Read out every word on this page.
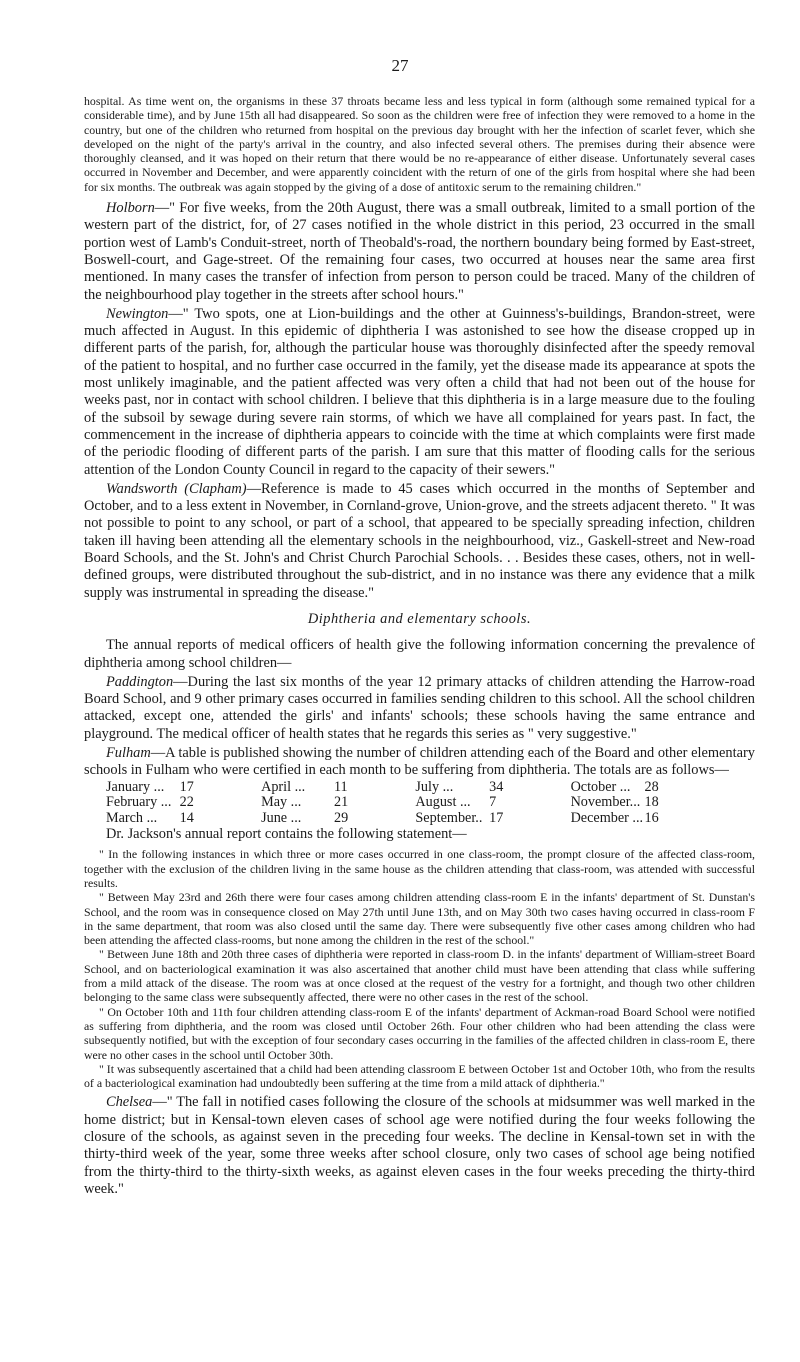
27

hospital. As time went on, the organisms in these 37 throats became less and less typical in form (although some remained typical for a considerable time), and by June 15th all had disappeared. So soon as the children were free of infection they were removed to a home in the country, but one of the children who returned from hospital on the previous day brought with her the infection of scarlet fever, which she developed on the night of the party's arrival in the country, and also infected several others. The premises during their absence were thoroughly cleansed, and it was hoped on their return that there would be no re-appearance of either disease. Unfortunately several cases occurred in November and December, and were apparently coincident with the return of one of the girls from hospital where she had been for six months. The outbreak was again stopped by the giving of a dose of antitoxic serum to the remaining children."

Holborn—" For five weeks, from the 20th August, there was a small outbreak, limited to a small portion of the western part of the district, for, of 27 cases notified in the whole district in this period, 23 occurred in the small portion west of Lamb's Conduit-street, north of Theobald's-road, the northern boundary being formed by East-street, Boswell-court, and Gage-street. Of the remaining four cases, two occurred at houses near the same area first mentioned. In many cases the transfer of infection from person to person could be traced. Many of the children of the neighbourhood play together in the streets after school hours."

Newington—" Two spots, one at Lion-buildings and the other at Guinness's-buildings, Brandon-street, were much affected in August. In this epidemic of diphtheria I was astonished to see how the disease cropped up in different parts of the parish, for, although the particular house was thoroughly disinfected after the speedy removal of the patient to hospital, and no further case occurred in the family, yet the disease made its appearance at spots the most unlikely imaginable, and the patient affected was very often a child that had not been out of the house for weeks past, nor in contact with school children. I believe that this diphtheria is in a large measure due to the fouling of the subsoil by sewage during severe rain storms, of which we have all complained for years past. In fact, the commencement in the increase of diphtheria appears to coincide with the time at which complaints were first made of the periodic flooding of different parts of the parish. I am sure that this matter of flooding calls for the serious attention of the London County Council in regard to the capacity of their sewers."

Wandsworth (Clapham)—Reference is made to 45 cases which occurred in the months of September and October, and to a less extent in November, in Cornland-grove, Union-grove, and the streets adjacent thereto. " It was not possible to point to any school, or part of a school, that appeared to be specially spreading infection, children taken ill having been attending all the elementary schools in the neighbourhood, viz., Gaskell-street and New-road Board Schools, and the St. John's and Christ Church Parochial Schools. . . Besides these cases, others, not in well-defined groups, were distributed throughout the sub-district, and in no instance was there any evidence that a milk supply was instrumental in spreading the disease."

Diphtheria and elementary schools.

The annual reports of medical officers of health give the following information concerning the prevalence of diphtheria among school children—

Paddington—During the last six months of the year 12 primary attacks of children attending the Harrow-road Board School, and 9 other primary cases occurred in families sending children to this school. All the school children attacked, except one, attended the girls' and infants' schools; these schools having the same entrance and playground. The medical officer of health states that he regards this series as " very suggestive."

Fulham—A table is published showing the number of children attending each of the Board and other elementary schools in Fulham who were certified in each month to be suffering from diphtheria. The totals are as follows—

January ...	17	April ...	11	July ...	34	October ...	28
February ...	22	May ...	21	August ...	7	November...	18
March ...	14	June ...	29	September..	17	December ...	16

Dr. Jackson's annual report contains the following statement—

" In the following instances in which three or more cases occurred in one class-room, the prompt closure of the affected class-room, together with the exclusion of the children living in the same house as the children attending that class-room, was attended with successful results.

" Between May 23rd and 26th there were four cases among children attending class-room E in the infants' department of St. Dunstan's School, and the room was in consequence closed on May 27th until June 13th, and on May 30th two cases having occurred in class-room F in the same department, that room was also closed until the same day. There were subsequently five other cases among children who had been attending the affected class-rooms, but none among the children in the rest of the school."

" Between June 18th and 20th three cases of diphtheria were reported in class-room D. in the infants' department of William-street Board School, and on bacteriological examination it was also ascertained that another child must have been attending that class while suffering from a mild attack of the disease. The room was at once closed at the request of the vestry for a fortnight, and though two other children belonging to the same class were subsequently affected, there were no other cases in the rest of the school.

" On October 10th and 11th four children attending class-room E of the infants' department of Ackman-road Board School were notified as suffering from diphtheria, and the room was closed until October 26th. Four other children who had been attending the class were subsequently notified, but with the exception of four secondary cases occurring in the families of the affected children in class-room E, there were no other cases in the school until October 30th.

" It was subsequently ascertained that a child had been attending classroom E between October 1st and October 10th, who from the results of a bacteriological examination had undoubtedly been suffering at the time from a mild attack of diphtheria."

Chelsea—" The fall in notified cases following the closure of the schools at midsummer was well marked in the home district; but in Kensal-town eleven cases of school age were notified during the four weeks following the closure of the schools, as against seven in the preceding four weeks. The decline in Kensal-town set in with the thirty-third week of the year, some three weeks after school closure, only two cases of school age being notified from the thirty-third to the thirty-sixth weeks, as against eleven cases in the four weeks preceding the thirty-third week."
